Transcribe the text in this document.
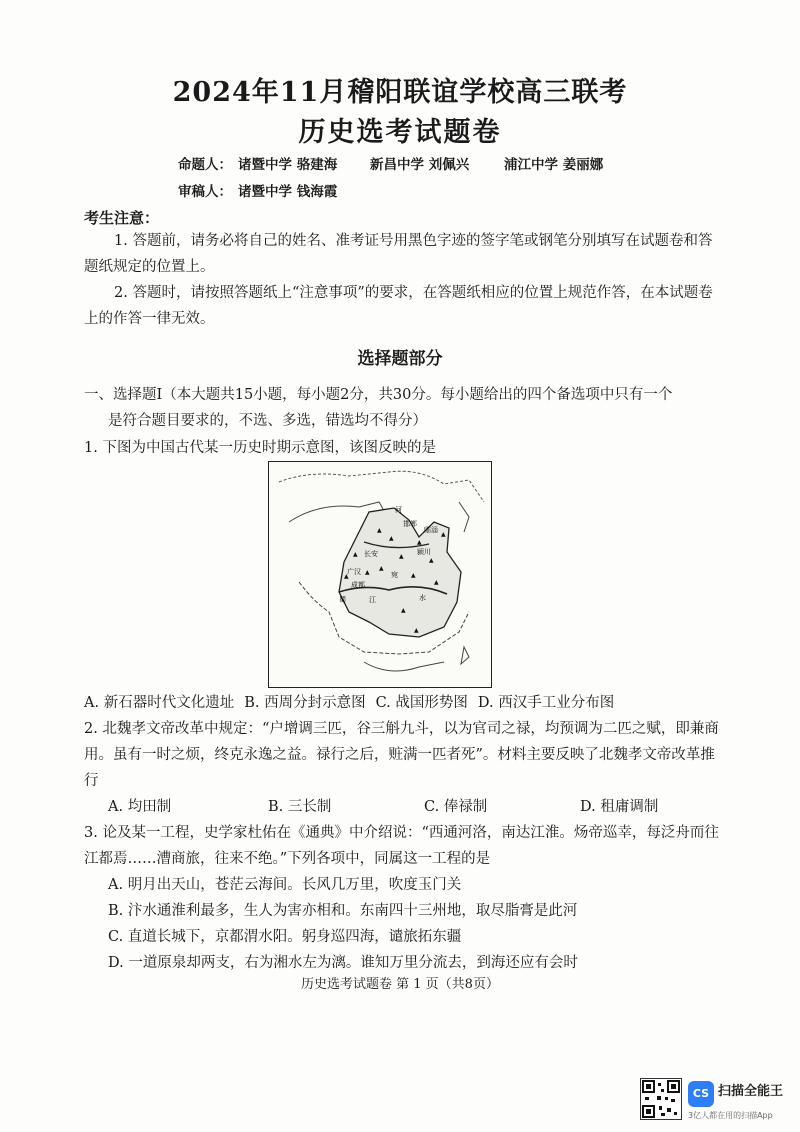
2024年11月稽阳联谊学校高三联考
历史选考试题卷
命题人： 诸暨中学 骆建海 新昌中学 刘佩兴	浦江中学 姜丽娜
审稿人： 诸暨中学 钱海霞
考生注意：

1. 答题前，请务必将自己的姓名、准考证号用黑色字迹的签字笔或钢笔分别填写在试题卷和答题纸规定的位置上。

2. 答题时，请按照答题纸上“注意事项”的要求，在答题纸相应的位置上规范作答，在本试题卷上的作答一律无效。

选择题部分
一、选择题Ⅰ（本大题共15小题，每小题2分，共30分。每小题给出的四个备选项中只有一个
是符合题目要求的，不选、多选，错选均不得分）
1. 下图为中国古代某一历史时期示意图，该图反映的是
▲
▲
▲
▲
▲
▲
▲
▲
▲
▲
▲
▲
▲
▲
长安
成都
广汉	宛
临淄
邯郸
颍川
江	水
蜀
河
A. 新石器时代文化遗址 B. 西周分封示意图 C. 战国形势图 D. 西汉手工业分布图
2. 北魏孝文帝改革中规定：“户增调三匹，谷三斛九斗，以为官司之禄，均预调为二匹之赋，即兼商用。虽有一时之烦，终克永逸之益。禄行之后，赃满一匹者死”。材料主要反映了北魏孝文帝改革推行
A. 均田制	B. 三长制	C. 俸禄制	D. 租庸调制
3. 论及某一工程，史学家杜佑在《通典》中介绍说：“西通河洛，南达江淮。炀帝巡幸，每泛舟而往江都焉……漕商旅，往来不绝。”下列各项中，同属这一工程的是
A. 明月出天山，苍茫云海间。长风几万里，吹度玉门关
B. 汴水通淮利最多，生人为害亦相和。东南四十三州地，取尽脂膏是此河
C. 直道长城下，京都渭水阳。躬身巡四海，谴旅拓东疆
D. 一道原泉却两支，右为湘水左为漓。谁知万里分流去，到海还应有会时
历史选考试题卷 第 1 页（共8页）
CS 扫描全能王
3亿人都在用的扫描App
